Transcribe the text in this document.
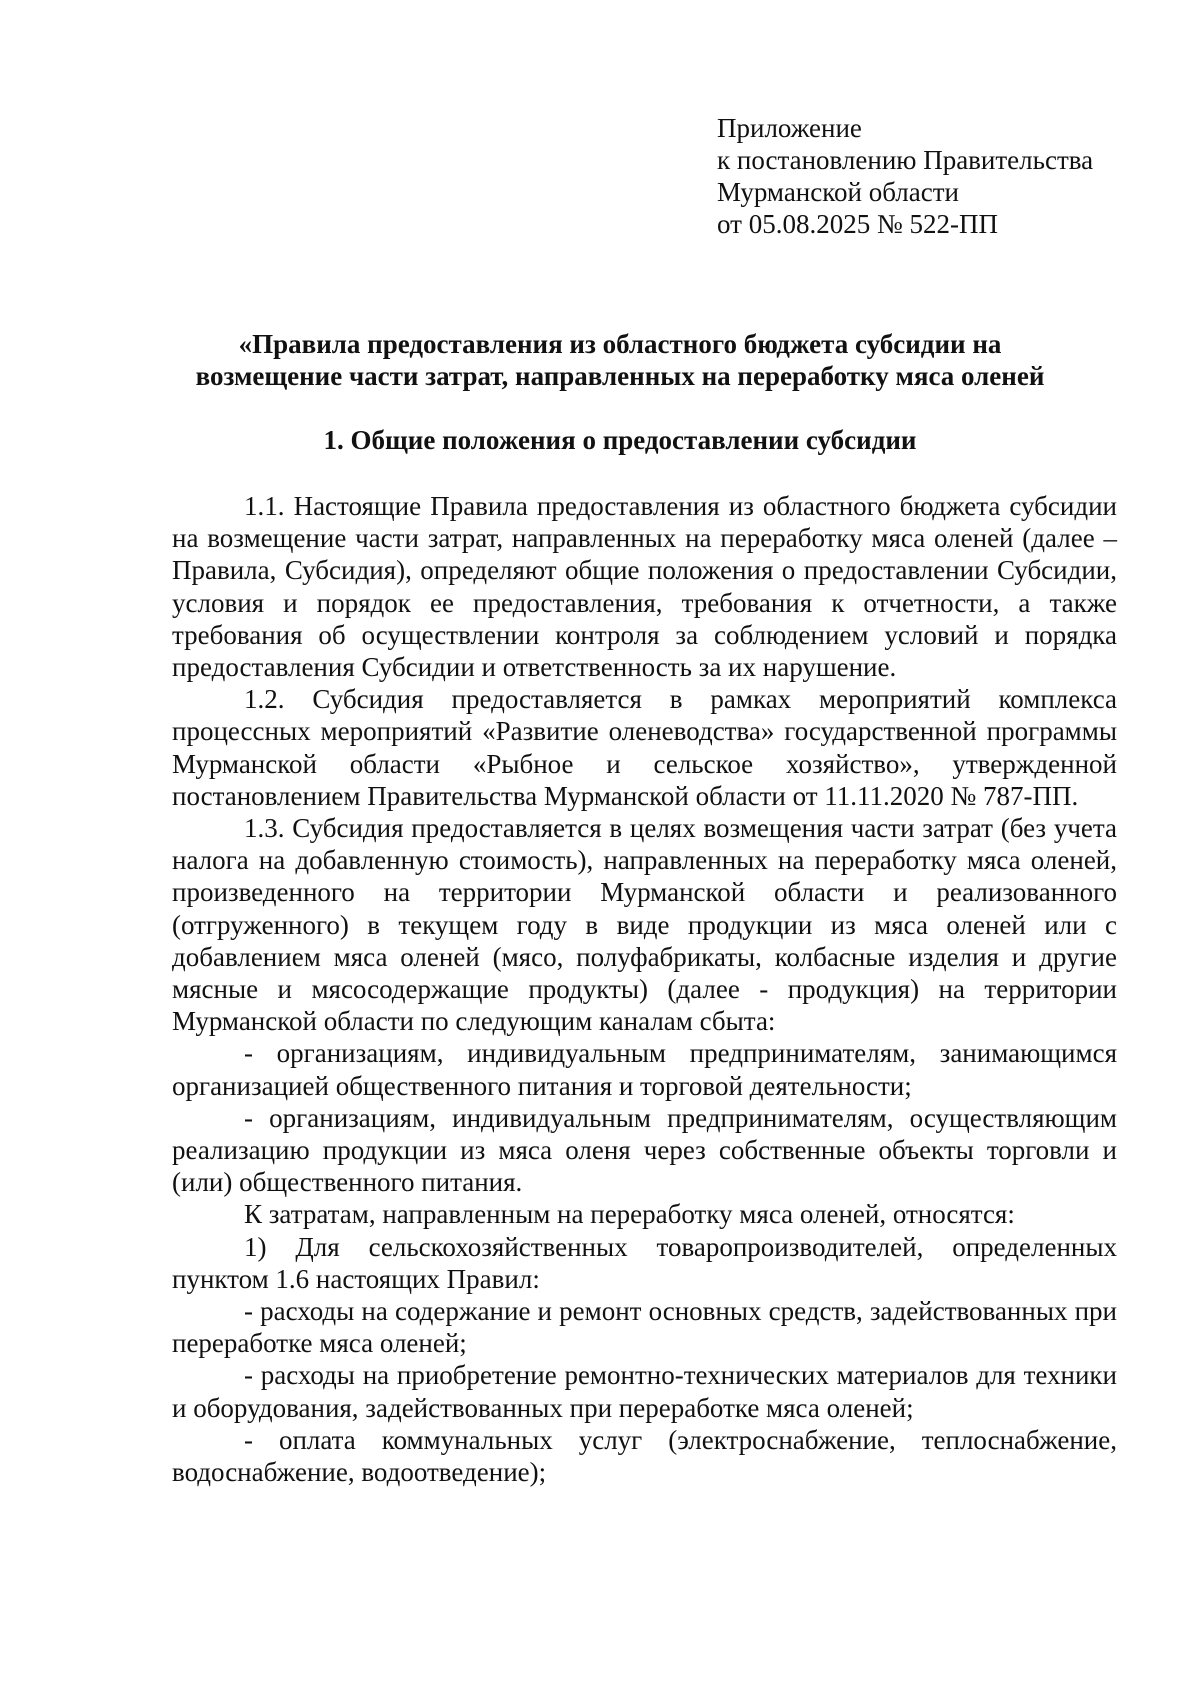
Приложение
к постановлению Правительства
Мурманской области
от 05.08.2025 № 522-ПП
«Правила предоставления из областного бюджета субсидии на
возмещение части затрат, направленных на переработку мяса оленей
1. Общие положения о предоставлении субсидии

1.1. Настоящие Правила предоставления из областного бюджета субсидии на возмещение части затрат, направленных на переработку мяса оленей (далее – Правила, Субсидия), определяют общие положения о предоставлении Субсидии, условия и порядок ее предоставления, требования к отчетности, а также требования об осуществлении контроля за соблюдением условий и порядка предоставления Субсидии и ответственность за их нарушение.

1.2. Субсидия предоставляется в рамках мероприятий комплекса процессных мероприятий «Развитие оленеводства» государственной программы Мурманской области «Рыбное и сельское хозяйство», утвержденной постановлением Правительства Мурманской области от 11.11.2020 № 787-ПП.

1.3. Субсидия предоставляется в целях возмещения части затрат (без учета налога на добавленную стоимость), направленных на переработку мяса оленей, произведенного на территории Мурманской области и реализованного (отгруженного) в текущем году в виде продукции из мяса оленей или с добавлением мяса оленей (мясо, полуфабрикаты, колбасные изделия и другие мясные и мясосодержащие продукты) (далее - продукция) на территории Мурманской области по следующим каналам сбыта:

- организациям, индивидуальным предпринимателям, занимающимся организацией общественного питания и торговой деятельности;

- организациям, индивидуальным предпринимателям, осуществляющим реализацию продукции из мяса оленя через собственные объекты торговли и (или) общественного питания.

К затратам, направленным на переработку мяса оленей, относятся:

1) Для сельскохозяйственных товаропроизводителей, определенных пунктом 1.6 настоящих Правил:

- расходы на содержание и ремонт основных средств, задействованных при переработке мяса оленей;

- расходы на приобретение ремонтно-технических материалов для техники и оборудования, задействованных при переработке мяса оленей;

- оплата коммунальных услуг (электроснабжение, теплоснабжение, водоснабжение, водоотведение);
